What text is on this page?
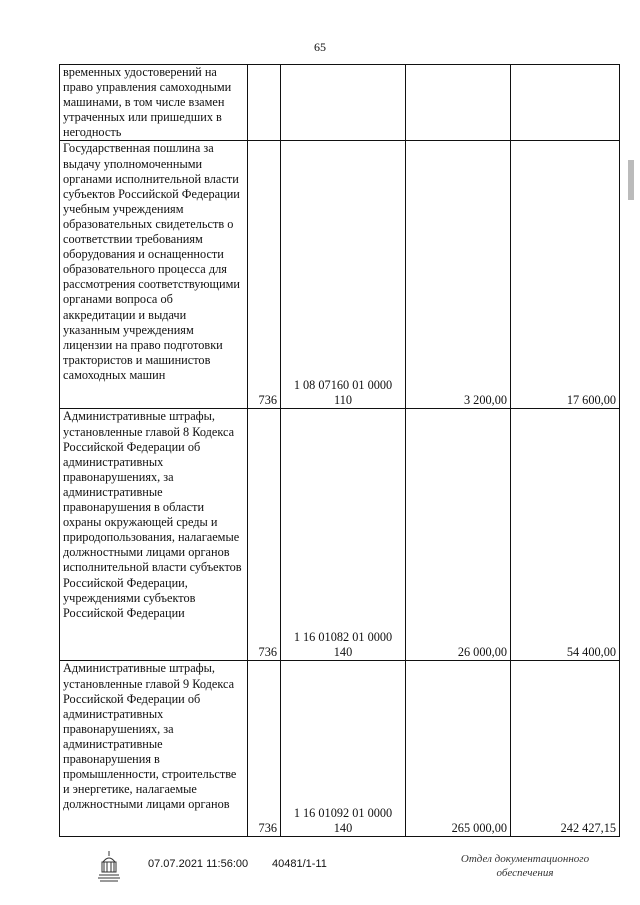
65
временных удостоверений на право управления самоходными машинами, в том числе взамен утраченных или пришедших в негодность				
Государственная пошлина за выдачу уполномоченными органами исполнительной власти субъектов Российской Федерации учебным учреждениям образовательных свидетельств о соответствии требованиям оборудования и оснащенности образовательного процесса для рассмотрения соответствующими органами вопроса об аккредитации и выдачи указанным учреждениям лицензии на право подготовки трактористов и машинистов самоходных машин	736	1 08 07160 01 0000 110	3 200,00	17 600,00
Административные штрафы, установленные главой 8 Кодекса Российской Федерации об административных правонарушениях, за административные правонарушения в области охраны окружающей среды и природопользования, налагаемые должностными лицами органов исполнительной власти субъектов Российской Федерации, учреждениями субъектов Российской Федерации	736	1 16 01082 01 0000 140	26 000,00	54 400,00
Административные штрафы, установленные главой 9 Кодекса Российской Федерации об административных правонарушениях, за административные правонарушения в промышленности, строительстве и энергетике, налагаемые должностными лицами органов	736	1 16 01092 01 0000 140	265 000,00	242 427,15
07.07.2021 11:56:00 40481/1-11	Отдел документационного
обеспечения
